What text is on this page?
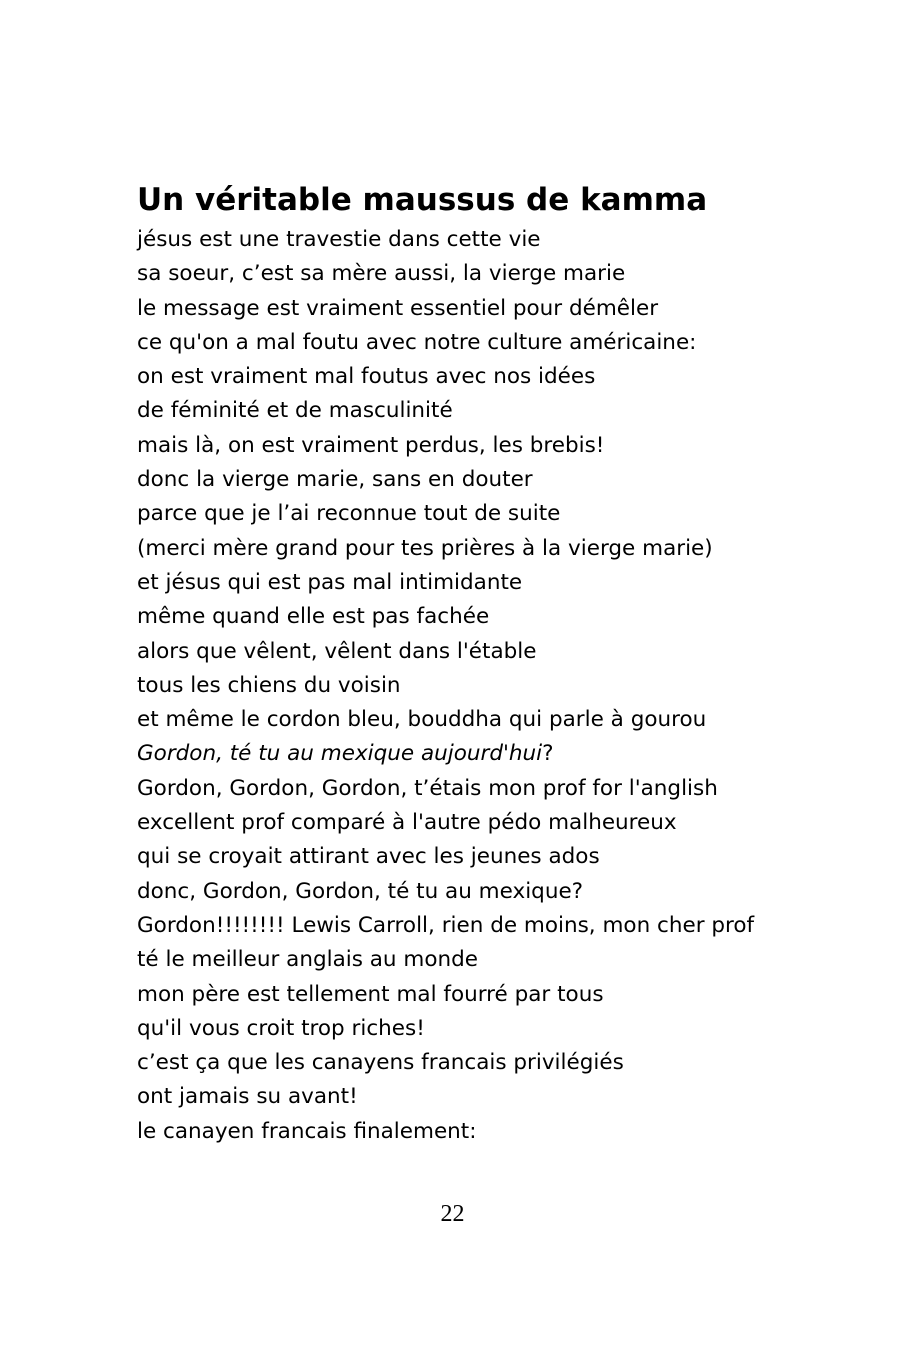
Un véritable maussus de kamma
jésus est une travestie dans cette vie
sa soeur, c’est sa mère aussi, la vierge marie
le message est vraiment essentiel pour démêler
ce qu'on a mal foutu avec notre culture américaine:
on est vraiment mal foutus avec nos idées
de féminité et de masculinité
mais là, on est vraiment perdus, les brebis!
donc la vierge marie, sans en douter
parce que je l’ai reconnue tout de suite
(merci mère grand pour tes prières à la vierge marie)
et jésus qui est pas mal intimidante
même quand elle est pas fachée
alors que vêlent, vêlent dans l'étable
tous les chiens du voisin
et même le cordon bleu, bouddha qui parle à gourou
Gordon, té tu au mexique aujourd'hui?
Gordon, Gordon, Gordon, t’étais mon prof for l'anglish
excellent prof comparé à l'autre pédo malheureux
qui se croyait attirant avec les jeunes ados
donc, Gordon, Gordon, té tu au mexique?
Gordon!!!!!!!! Lewis Carroll, rien de moins, mon cher prof
té le meilleur anglais au monde
mon père est tellement mal fourré par tous
qu'il vous croit trop riches!
c’est ça que les canayens francais privilégiés
ont jamais su avant!
le canayen francais finalement:
22
